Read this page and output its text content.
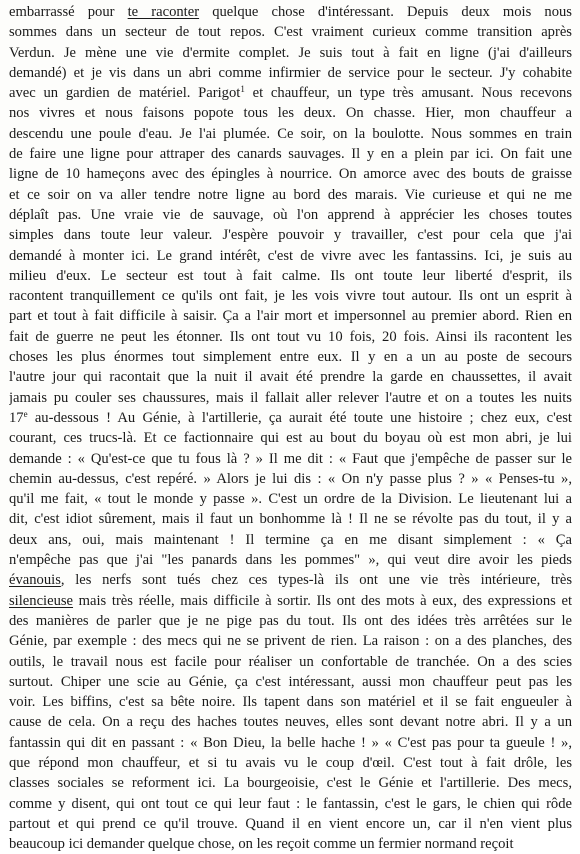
embarrassé pour te raconter quelque chose d'intéressant. Depuis deux mois nous
sommes dans un secteur de tout repos. C'est vraiment curieux comme transition après
Verdun. Je mène une vie d'ermite complet. Je suis tout à fait en ligne (j'ai d'ailleurs
demandé) et je vis dans un abri comme infirmier de service pour le secteur. J'y cohabite
avec un gardien de matériel. Parigot$^1$ et chauffeur, un type très amusant. Nous recevons
nos vivres et nous faisons popote tous les deux. On chasse. Hier, mon chauffeur a
descendu une poule d'eau. Je l'ai plumée. Ce soir, on la boulotte. Nous sommes en train
de faire une ligne pour attraper des canards sauvages. Il y en a plein par ici. On fait une
ligne de 10 hameçons avec des épingles à nourrice. On amorce avec des bouts de graisse
et ce soir on va aller tendre notre ligne au bord des marais. Vie curieuse et qui ne me
déplaît pas. Une vraie vie de sauvage, où l'on apprend à apprécier les choses toutes
simples dans toute leur valeur. J'espère pouvoir y travailler, c'est pour cela que j'ai
demandé à monter ici. Le grand intérêt, c'est de vivre avec les fantassins. Ici, je suis au
milieu d'eux. Le secteur est tout à fait calme. Ils ont toute leur liberté d'esprit, ils
racontent tranquillement ce qu'ils ont fait, je les vois vivre tout autour. Ils ont un esprit à
part et tout à fait difficile à saisir. Ça a l'air mort et impersonnel au premier abord. Rien en
fait de guerre ne peut les étonner. Ils ont tout vu 10 fois, 20 fois. Ainsi ils racontent les
choses les plus énormes tout simplement entre eux. Il y en a un au poste de secours
l'autre jour qui racontait que la nuit il avait été prendre la garde en chaussettes, il avait
jamais pu couler ses chaussures, mais il fallait aller relever l'autre et on a toutes les nuits
17e au-dessous ! Au Génie, à l'artillerie, ça aurait été toute une histoire ; chez eux, c'est
courant, ces trucs-là. Et ce factionnaire qui est au bout du boyau où est mon abri, je lui
demande : « Qu'est-ce que tu fous là ? » Il me dit : « Faut que j'empêche de passer sur le
chemin au-dessus, c'est repéré. » Alors je lui dis : « On n'y passe plus ? » « Penses-tu »,
qu'il me fait, « tout le monde y passe ». C'est un ordre de la Division. Le lieutenant lui a
dit, c'est idiot sûrement, mais il faut un bonhomme là ! Il ne se révolte pas du tout, il y a
deux ans, oui, mais maintenant ! Il termine ça en me disant simplement : « Ça
n'empêche pas que j'ai "les panards dans les pommes" », qui veut dire avoir les pieds
évanouis, les nerfs sont tués chez ces types-là ils ont une vie très intérieure, très
silencieuse mais très réelle, mais difficile à sortir. Ils ont des mots à eux, des expressions et
des manières de parler que je ne pige pas du tout. Ils ont des idées très arrêtées sur le
Génie, par exemple : des mecs qui ne se privent de rien. La raison : on a des planches, des
outils, le travail nous est facile pour réaliser un confortable de tranchée. On a des scies
surtout. Chiper une scie au Génie, ça c'est intéressant, aussi mon chauffeur peut pas les
voir. Les biffins, c'est sa bête noire. Ils tapent dans son matériel et il se fait engueuler à
cause de cela. On a reçu des haches toutes neuves, elles sont devant notre abri. Il y a un
fantassin qui dit en passant : « Bon Dieu, la belle hache ! » « C'est pas pour ta gueule ! »,
que répond mon chauffeur, et si tu avais vu le coup d'œil. C'est tout à fait drôle, les
classes sociales se reforment ici. La bourgeoisie, c'est le Génie et l'artillerie. Des mecs,
comme y disent, qui ont tout ce qui leur faut : le fantassin, c'est le gars, le chien qui rôde
partout et qui prend ce qu'il trouve. Quand il en vient encore un, car il n'en vient plus
beaucoup ici demander quelque chose, on les reçoit comme un fermier normand reçoit
